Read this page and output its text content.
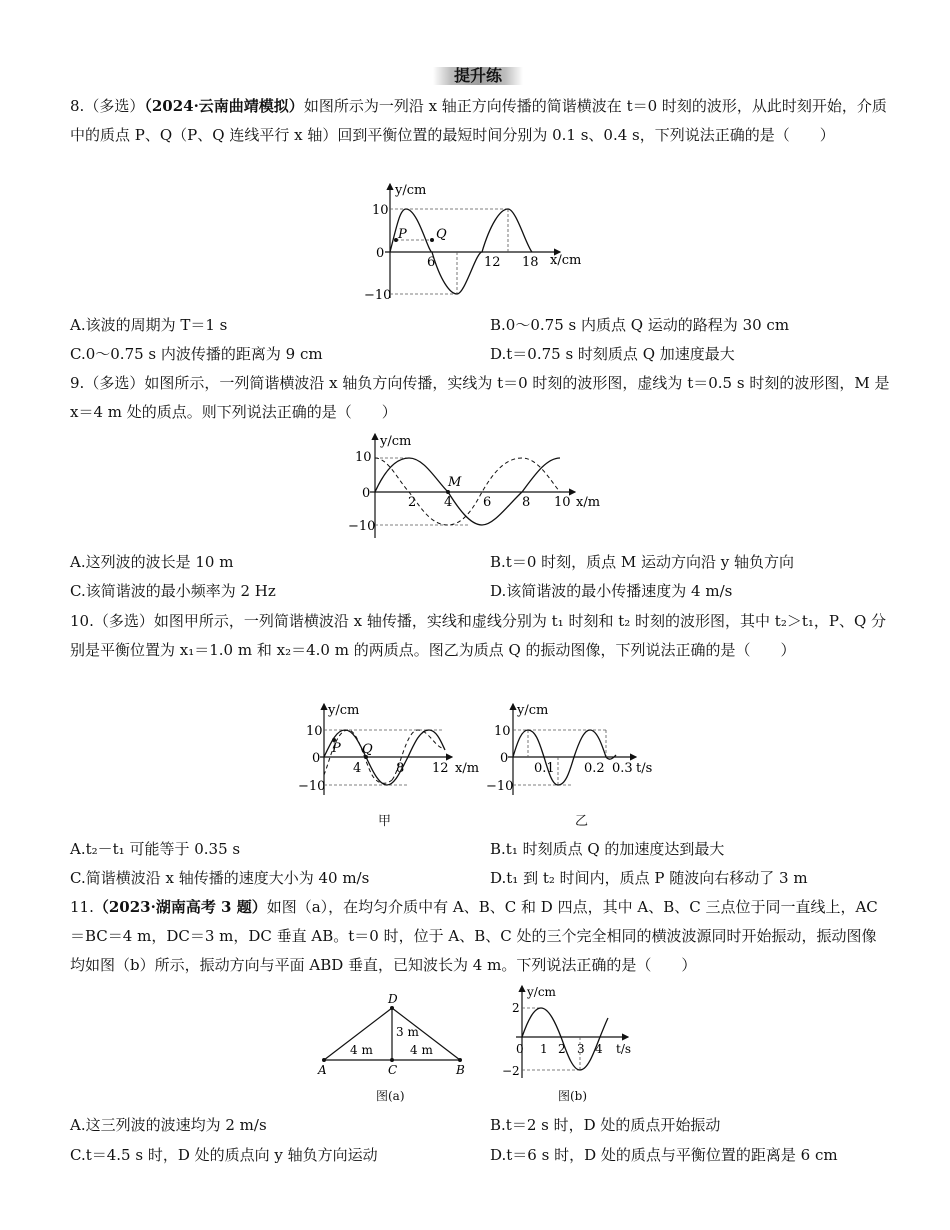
提升练

8.（多选）（2024·云南曲靖模拟）如图所示为一列沿 x 轴正方向传播的简谐横波在 t＝0 时刻的波形，从此时刻开始，介质中的质点 P、Q（P、Q 连线平行 x 轴）回到平衡位置的最短时间分别为 0.1 s、0.4 s，下列说法正确的是（　　）

y/cm
x/cm
10
0
−10
6	12 18
P Q
A.该波的周期为 T＝1 s	B.0～0.75 s 内质点 Q 运动的路程为 30 cm
C.0～0.75 s 内波传播的距离为 9 cm	D.t＝0.75 s 时刻质点 Q 加速度最大

9.（多选）如图所示，一列简谐横波沿 x 轴负方向传播，实线为 t＝0 时刻的波形图，虚线为 t＝0.5 s 时刻的波形图，M 是 x＝4 m 处的质点。则下列说法正确的是（　　）

y/cm
x/m
10
0
−10
2 4 6 8 10
M
A.这列波的波长是 10 m	B.t＝0 时刻，质点 M 运动方向沿 y 轴负方向
C.该简谐波的最小频率为 2 Hz	D.该简谐波的最小传播速度为 4 m/s

10.（多选）如图甲所示，一列简谐横波沿 x 轴传播，实线和虚线分别为 t₁ 时刻和 t₂ 时刻的波形图，其中 t₂＞t₁，P、Q 分别是平衡位置为 x₁＝1.0 m 和 x₂＝4.0 m 的两质点。图乙为质点 Q 的振动图像，下列说法正确的是（　　）

y/cm
x/m
10
0
−10
4	8 12
P Q
甲
y/cm
t/s
10
0
−10
0.1 0.2 0.3
乙
A.t₂－t₁ 可能等于 0.35 s	B.t₁ 时刻质点 Q 的加速度达到最大
C.简谐横波沿 x 轴传播的速度大小为 40 m/s	D.t₁ 到 t₂ 时间内，质点 P 随波向右移动了 3 m

11.（2023·湖南高考 3 题）如图（a），在均匀介质中有 A、B、C 和 D 四点，其中 A、B、C 三点位于同一直线上，AC＝BC＝4 m，DC＝3 m，DC 垂直 AB。t＝0 时，位于 A、B、C 处的三个完全相同的横波波源同时开始振动，振动图像均如图（b）所示，振动方向与平面 ABD 垂直，已知波长为 4 m。下列说法正确的是（　　）

A	B
C
D
4 m	4 m
3 m
图(a)
y/cm
t/s
2
0
−2
1 2 3 4
图(b)
A.这三列波的波速均为 2 m/s	B.t＝2 s 时，D 处的质点开始振动
C.t＝4.5 s 时，D 处的质点向 y 轴负方向运动	D.t＝6 s 时，D 处的质点与平衡位置的距离是 6 cm
